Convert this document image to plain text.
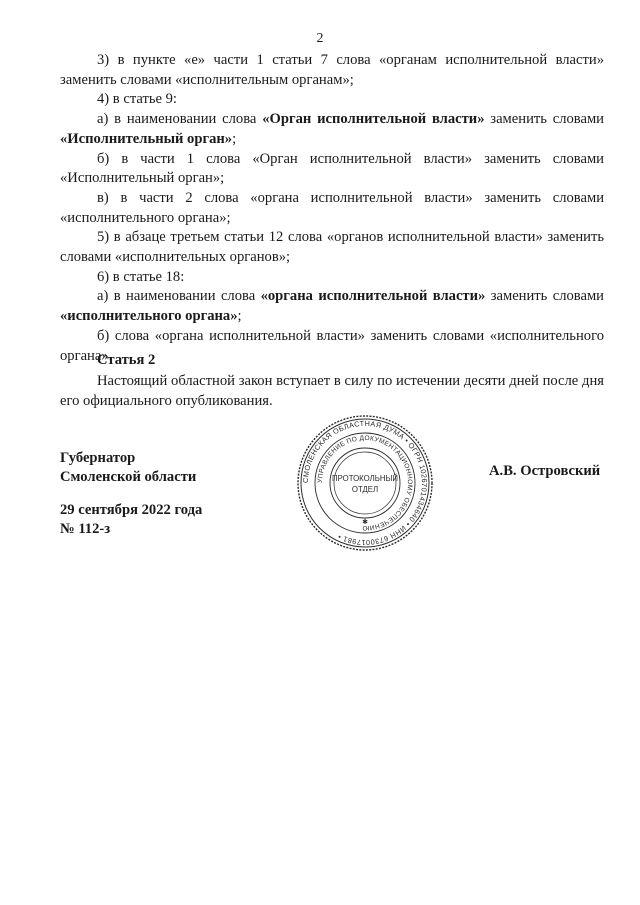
2

3) в пункте «е» части 1 статьи 7 слова «органам исполнительной власти» заменить словами «исполнительным органам»;

4) в статье 9:

а) в наименовании слова «Орган исполнительной власти» заменить словами «Исполнительный орган»;

б) в части 1 слова «Орган исполнительной власти» заменить словами «Исполнительный орган»;

в) в части 2 слова «органа исполнительной власти» заменить словами «исполнительного органа»;

5) в абзаце третьем статьи 12 слова «органов исполнительной власти» заменить словами «исполнительных органов»;

6) в статье 18:

а) в наименовании слова «органа исполнительной власти» заменить словами «исполнительного органа»;

б) слова «органа исполнительной власти» заменить словами «исполнительного органа».

Статья 2
Настоящий областной закон вступает в силу по истечении десяти дней после дня его официального опубликования.
Губернатор
Смоленской области
29 сентября 2022 года
№ 112-з
А.В. Островский
СМОЛЕНСКАЯ ОБЛАСТНАЯ ДУМА • ОГРН 1026701434640 • ИНН 6730017981 •
УПРАВЛЕНИЕ ПО ДОКУМЕНТАЦИОННОМУ ОБЕСПЕЧЕНИЮ
ПРОТОКОЛЬНЫЙ
ОТДЕЛ
✱
